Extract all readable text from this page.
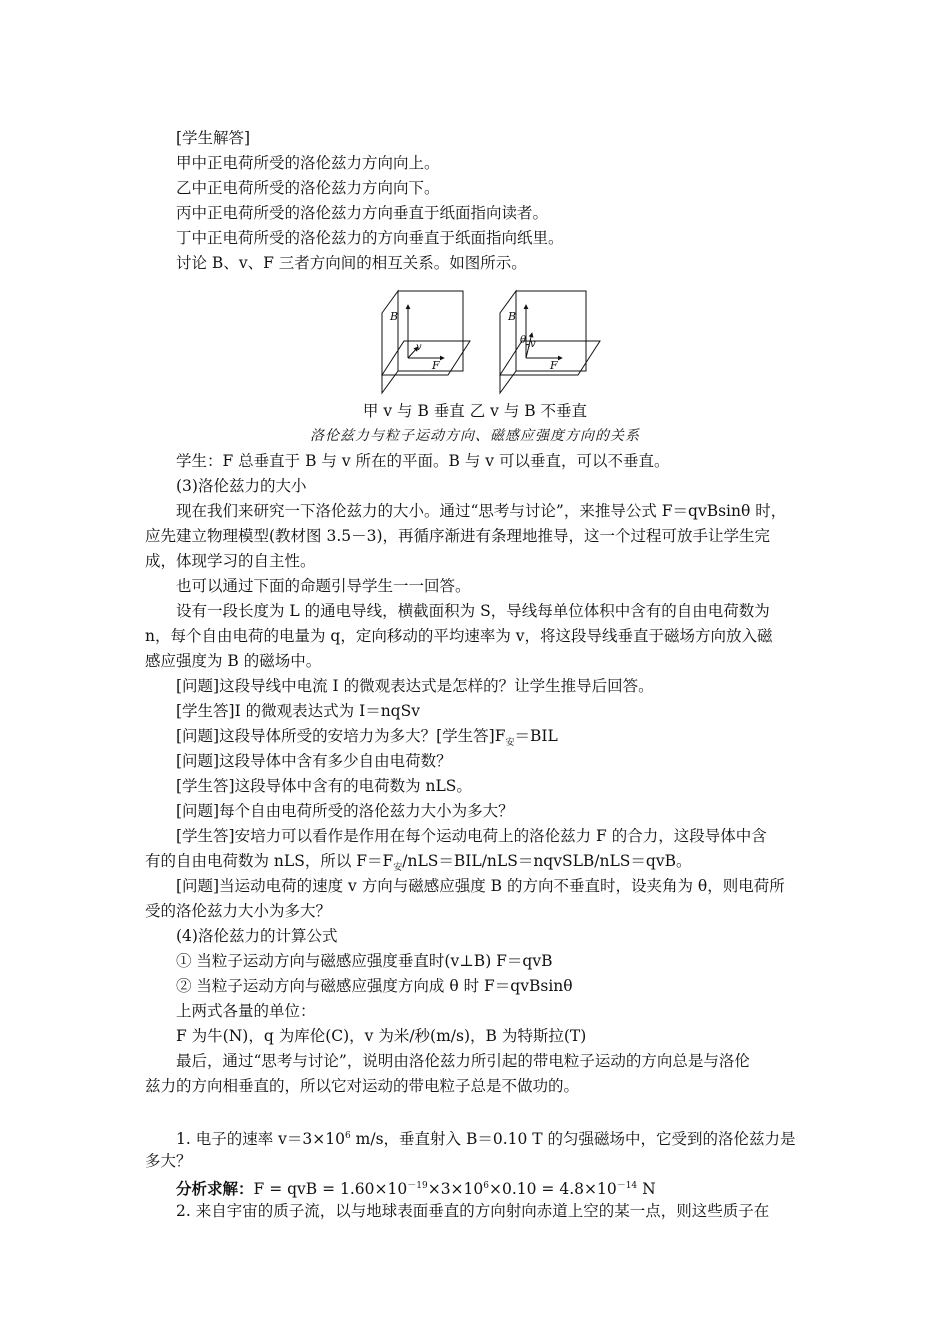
[学生解答]
甲中正电荷所受的洛伦兹力方向向上。
乙中正电荷所受的洛伦兹力方向向下。
丙中正电荷所受的洛伦兹力方向垂直于纸面指向读者。
丁中正电荷所受的洛伦兹力的方向垂直于纸面指向纸里。
讨论 B、v、F 三者方向间的相互关系。如图所示。
B
v
F
B
θ v
F
甲 v 与 B 垂直 乙 v 与 B 不垂直
洛伦兹力与粒子运动方向、磁感应强度方向的关系
学生：F 总垂直于 B 与 v 所在的平面。B 与 v 可以垂直，可以不垂直。
(3)洛伦兹力的大小
现在我们来研究一下洛伦兹力的大小。通过“思考与讨论”，来推导公式 F＝qvBsinθ 时，
应先建立物理模型(教材图 3.5－3)，再循序渐进有条理地推导，这一个过程可放手让学生完
成，体现学习的自主性。
也可以通过下面的命题引导学生一一回答。
设有一段长度为 L 的通电导线，横截面积为 S，导线每单位体积中含有的自由电荷数为
n，每个自由电荷的电量为 q，定向移动的平均速率为 v，将这段导线垂直于磁场方向放入磁
感应强度为 B 的磁场中。
[问题]这段导线中电流 I 的微观表达式是怎样的？让学生推导后回答。
[学生答]I 的微观表达式为 I＝nqSv
[问题]这段导体所受的安培力为多大？[学生答]$F_安=BIL$
[问题]这段导体中含有多少自由电荷数？
[学生答]这段导体中含有的电荷数为 nLS。
[问题]每个自由电荷所受的洛伦兹力大小为多大？
[学生答]安培力可以看作是作用在每个运动电荷上的洛伦兹力 F 的合力，这段导体中含
有的自由电荷数为 nLS，所以 $F=F_安/nLS=BIL/nLS=nqvSLB/nLS=qvB$。
[问题]当运动电荷的速度 v 方向与磁感应强度 B 的方向不垂直时，设夹角为 θ，则电荷所
受的洛伦兹力大小为多大？
(4)洛伦兹力的计算公式
① 当粒子运动方向与磁感应强度垂直时(v⊥B) F＝qvB
② 当粒子运动方向与磁感应强度方向成 θ 时 F＝qvBsinθ
上两式各量的单位：
F 为牛(N)，q 为库伦(C)，v 为米/秒(m/s)，B 为特斯拉(T)
最后，通过“思考与讨论”，说明由洛伦兹力所引起的带电粒子运动的方向总是与洛伦
兹力的方向相垂直的，所以它对运动的带电粒子总是不做功的。
1. 电子的速率 $v=3\times 10^6$ m/s，垂直射入 B＝0.10 T 的匀强磁场中，它受到的洛伦兹力是
多大？
分析求解：F = qvB = $1.60\times 10^{-19}\times 3\times 10^6\times 0.10 = 4.8\times 10^{-14}$ N
2. 来自宇宙的质子流，以与地球表面垂直的方向射向赤道上空的某一点，则这些质子在
